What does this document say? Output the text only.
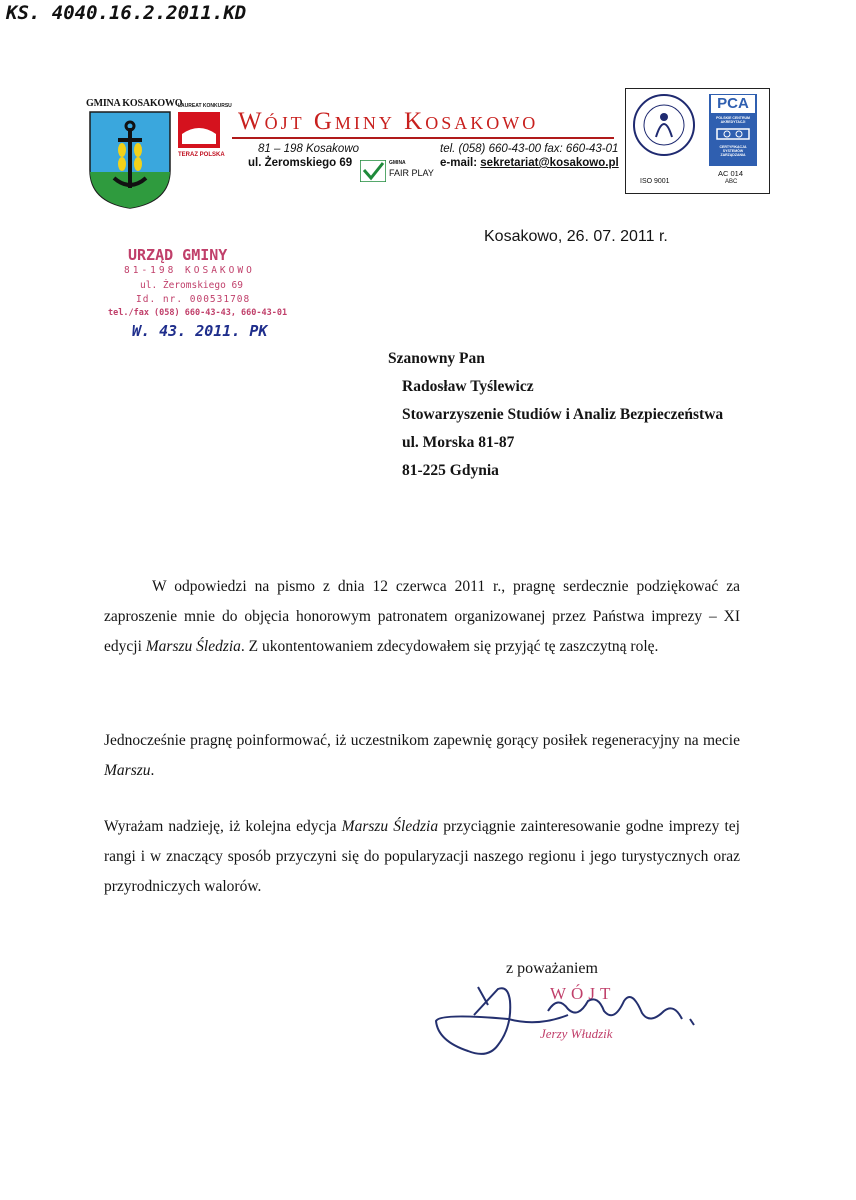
KS. 4040.16.2.2011.KD
GMINA KOSAKOWO
LAUREAT KONKURSU
TERAZ POLSKA
Wójt Gminy Kosakowo
81 – 198 Kosakowo
ul. Żeromskiego 69	GMINA
FAIR PLAY
tel. (058) 660-43-00 fax: 660-43-01
e-mail: sekretariat@kosakowo.pl
ISO 9001
PCA
POLSKIE CENTRUM AKREDYTACJI
CERTYFIKACJA SYSTEMÓW ZARZĄDZANIA
AC 014
ABC
Kosakowo, 26. 07. 2011 r.
URZĄD GMINY
81-198 KOSAKOWO
ul. Żeromskiego 69
Id. nr. 000531708
tel./fax (058) 660-43-43, 660-43-01
W. 43. 2011. PK
Szanowny Pan
Radosław Tyślewicz
Stowarzyszenie Studiów i Analiz Bezpieczeństwa
ul. Morska 81-87
81-225 Gdynia
W odpowiedzi na pismo z dnia 12 czerwca 2011 r., pragnę serdecznie podziękować za zaproszenie mnie do objęcia honorowym patronatem organizowanej przez Państwa imprezy – XI edycji Marszu Śledzia. Z ukontentowaniem zdecydowałem się przyjąć tę zaszczytną rolę.
Jednocześnie pragnę poinformować, iż uczestnikom zapewnię gorący posiłek regeneracyjny na mecie Marszu.
Wyrażam nadzieję, iż kolejna edycja Marszu Śledzia przyciągnie zainteresowanie godne imprezy tej rangi i w znaczący sposób przyczyni się do popularyzacji naszego regionu i jego turystycznych oraz przyrodniczych walorów.
z poważaniem
WÓJT
Jerzy Włudzik
